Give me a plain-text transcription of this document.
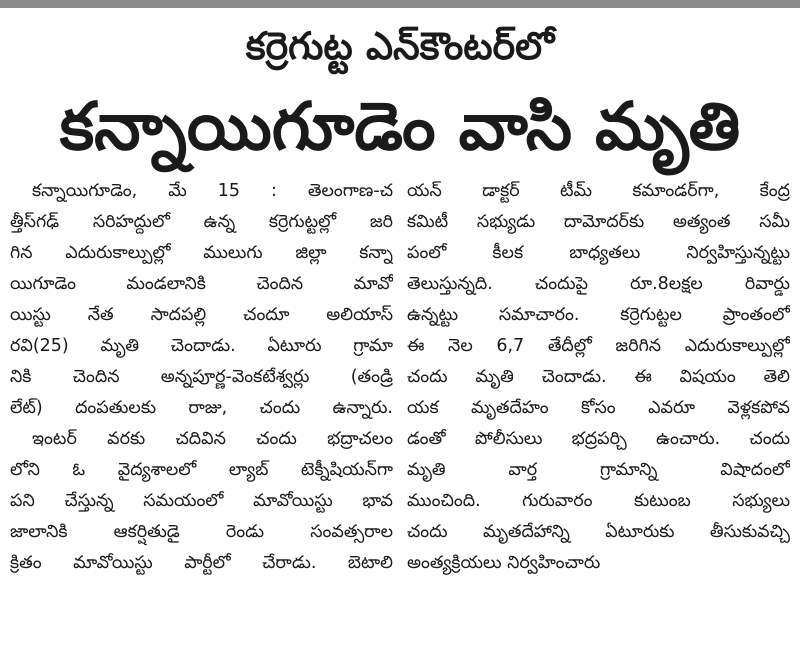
కర్రెగుట్ట ఎన్‌కౌంటర్‌లో
కన్నాయిగూడెం వాసి మృతి
కన్నాయిగూడెం, మే 15 : తెలంగాణ-చ
త్తీస్‌గఢ్ సరిహద్దులో ఉన్న కర్రెగుట్టల్లో జరి
గిన ఎదురుకాల్పుల్లో ములుగు జిల్లా కన్నా
యిగూడెం మండలానికి చెందిన మావో
యిస్టు నేత సాదపల్లి చందూ అలియాస్
రవి(25) మృతి చెందాడు. ఏటూరు గ్రామా
నికి చెందిన అన్నపూర్ణ-వెంకటేశ్వర్లు (తండ్రి
లేట్) దంపతులకు రాజు, చందు ఉన్నారు.
ఇంటర్ వరకు చదివిన చందు భద్రాచలం
లోని ఓ వైద్యశాలలో ల్యాబ్ టెక్నీషియన్‌గా
పని చేస్తున్న సమయంలో మావోయిస్టు భావ
జాలానికి ఆకర్షితుడై రెండు సంవత్సరాల
క్రితం మావోయిస్టు పార్టీలో చేరాడు. బెటాలి
యన్ డాక్టర్ టీమ్ కమాండర్‌గా, కేంద్ర
కమిటీ సభ్యుడు దామోదర్‌కు అత్యంత సమీ
పంలో కీలక బాధ్యతలు నిర్వహిస్తున్నట్టు
తెలుస్తున్నది. చందుపై రూ.8లక్షల రివార్డు
ఉన్నట్టు సమాచారం. కర్రెగుట్టల ప్రాంతంలో
ఈ నెల 6,7 తేదీల్లో జరిగిన ఎదురుకాల్పుల్లో
చందు మృతి చెందాడు. ఈ విషయం తెలి
యక మృతదేహం కోసం ఎవరూ వెళ్లకపోవ
డంతో పోలీసులు భద్రపర్చి ఉంచారు. చందు
మృతి వార్త గ్రామాన్ని విషాదంలో
ముంచింది. గురువారం కుటుంబ సభ్యులు
చందు మృతదేహాన్ని ఏటూరుకు తీసుకువచ్చి
అంత్యక్రియలు నిర్వహించారు
